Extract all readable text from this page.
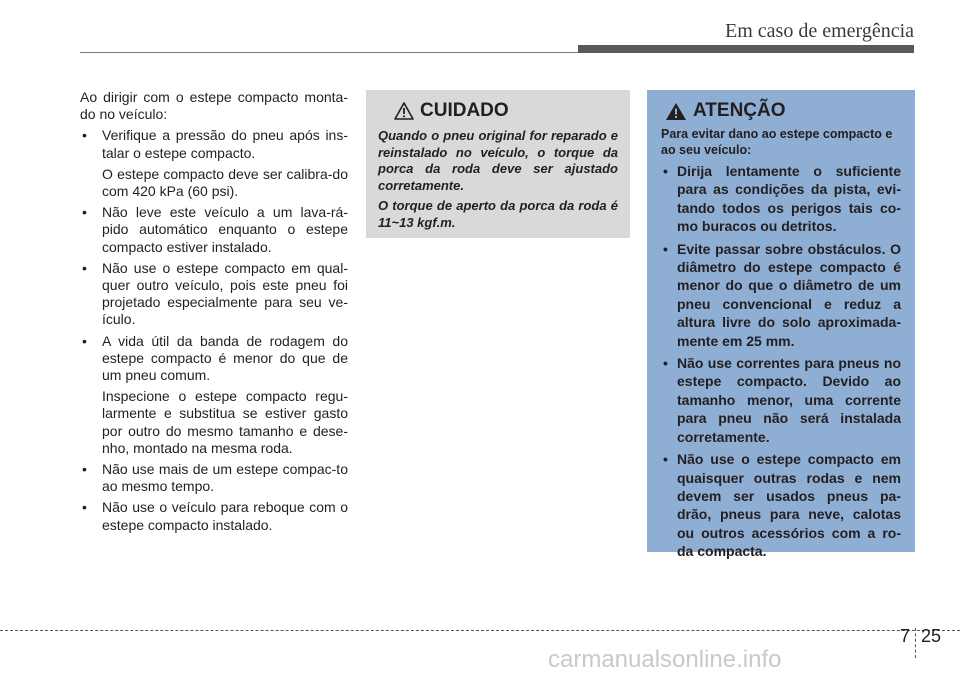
Em caso de emergência

Ao dirigir com o estepe compacto monta-do no veículo:

• Verifique a pressão do pneu após ins-talar o estepe compacto.

O estepe compacto deve ser calibra-do com 420 kPa (60 psi).

• Não leve este veículo a um lava-rá-pido automático enquanto o estepe compacto estiver instalado.
• Não use o estepe compacto em qual-quer outro veículo, pois este pneu foi projetado especialmente para seu ve-ículo.
• A vida útil da banda de rodagem do estepe compacto é menor do que de um pneu comum.

Inspecione o estepe compacto regu-larmente e substitua se estiver gasto por outro do mesmo tamanho e dese-nho, montado na mesma roda.

• Não use mais de um estepe compac-to ao mesmo tempo.
• Não use o veículo para reboque com o estepe compacto instalado.
CUIDADO

Quando o pneu original for reparado e reinstalado no veículo, o torque da porca da roda deve ser ajustado corretamente.

O torque de aperto da porca da roda é 11~13 kgf.m.

ATENÇÃO

Para evitar dano ao estepe compacto e ao seu veículo:

• Dirija lentamente o suficiente para as condições da pista, evi-tando todos os perigos tais co-mo buracos ou detritos.
• Evite passar sobre obstáculos. O diâmetro do estepe compacto é menor do que o diâmetro de um pneu convencional e reduz a altura livre do solo aproximada-mente em 25 mm.
• Não use correntes para pneus no estepe compacto. Devido ao tamanho menor, uma corrente para pneu não será instalada corretamente.
• Não use o estepe compacto em quaisquer outras rodas e nem devem ser usados pneus pa-drão, pneus para neve, calotas ou outros acessórios com a ro-da compacta.
7 25
carmanualsonline.info
